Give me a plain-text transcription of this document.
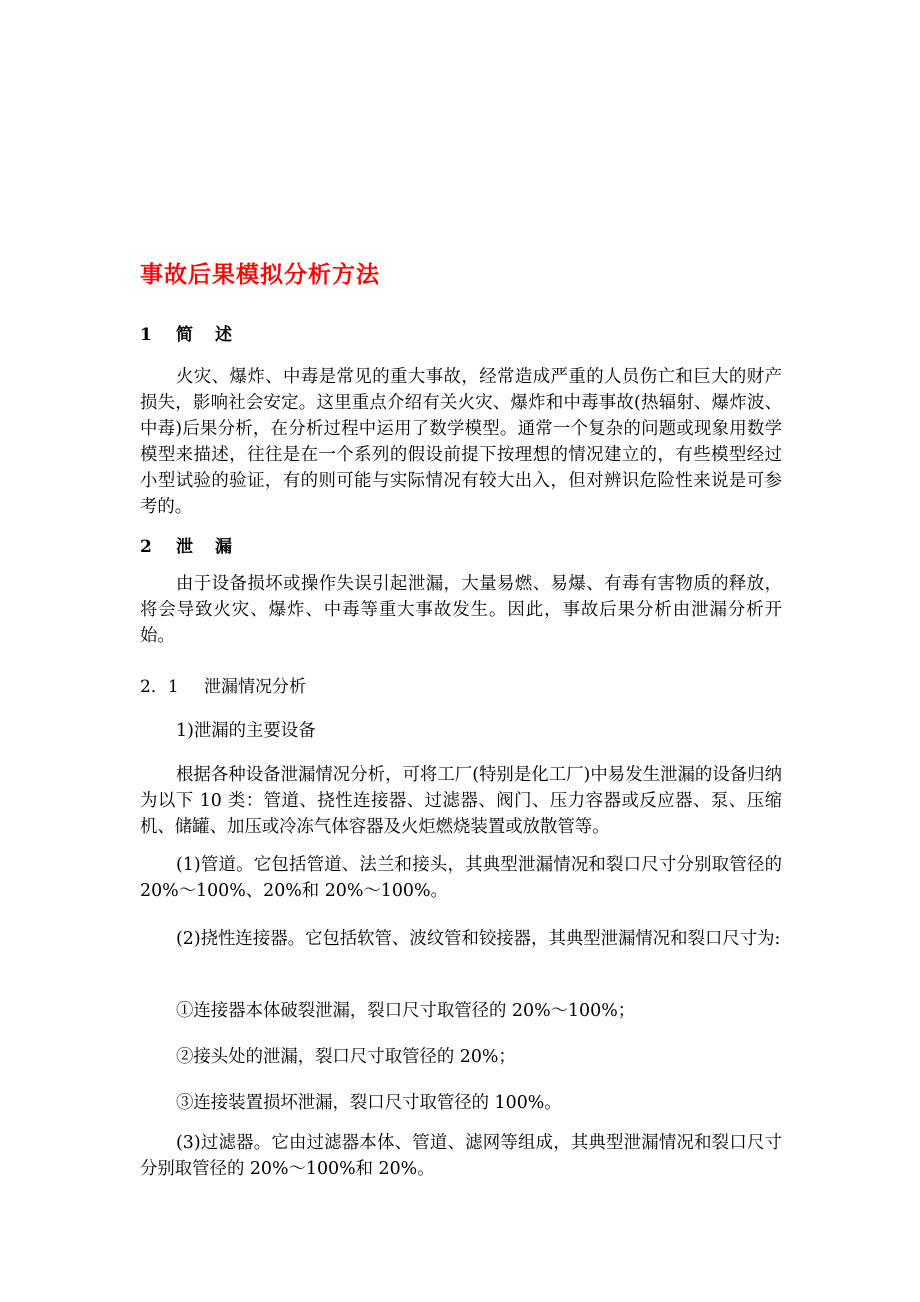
事故后果模拟分析方法
1 简述

火灾、爆炸、中毒是常见的重大事故，经常造成严重的人员伤亡和巨大的财产损失，影响社会安定。这里重点介绍有关火灾、爆炸和中毒事故(热辐射、爆炸波、中毒)后果分析，在分析过程中运用了数学模型。通常一个复杂的问题或现象用数学模型来描述，往往是在一个系列的假设前提下按理想的情况建立的，有些模型经过小型试验的验证，有的则可能与实际情况有较大出入，但对辨识危险性来说是可参考的。

2 泄漏

由于设备损坏或操作失误引起泄漏，大量易燃、易爆、有毒有害物质的释放，将会导致火灾、爆炸、中毒等重大事故发生。因此，事故后果分析由泄漏分析开始。

2．1 泄漏情况分析
1)泄漏的主要设备

根据各种设备泄漏情况分析，可将工厂(特别是化工厂)中易发生泄漏的设备归纳为以下 10 类：管道、挠性连接器、过滤器、阀门、压力容器或反应器、泵、压缩机、储罐、加压或冷冻气体容器及火炬燃烧装置或放散管等。

(1)管道。它包括管道、法兰和接头，其典型泄漏情况和裂口尺寸分别取管径的 20%～100%、20%和 20%～100%。

(2)挠性连接器。它包括软管、波纹管和铰接器，其典型泄漏情况和裂口尺寸为:

①连接器本体破裂泄漏，裂口尺寸取管径的 20%～100%；
②接头处的泄漏，裂口尺寸取管径的 20%；
③连接装置损坏泄漏，裂口尺寸取管径的 100%。

(3)过滤器。它由过滤器本体、管道、滤网等组成，其典型泄漏情况和裂口尺寸分别取管径的 20%～100%和 20%。
